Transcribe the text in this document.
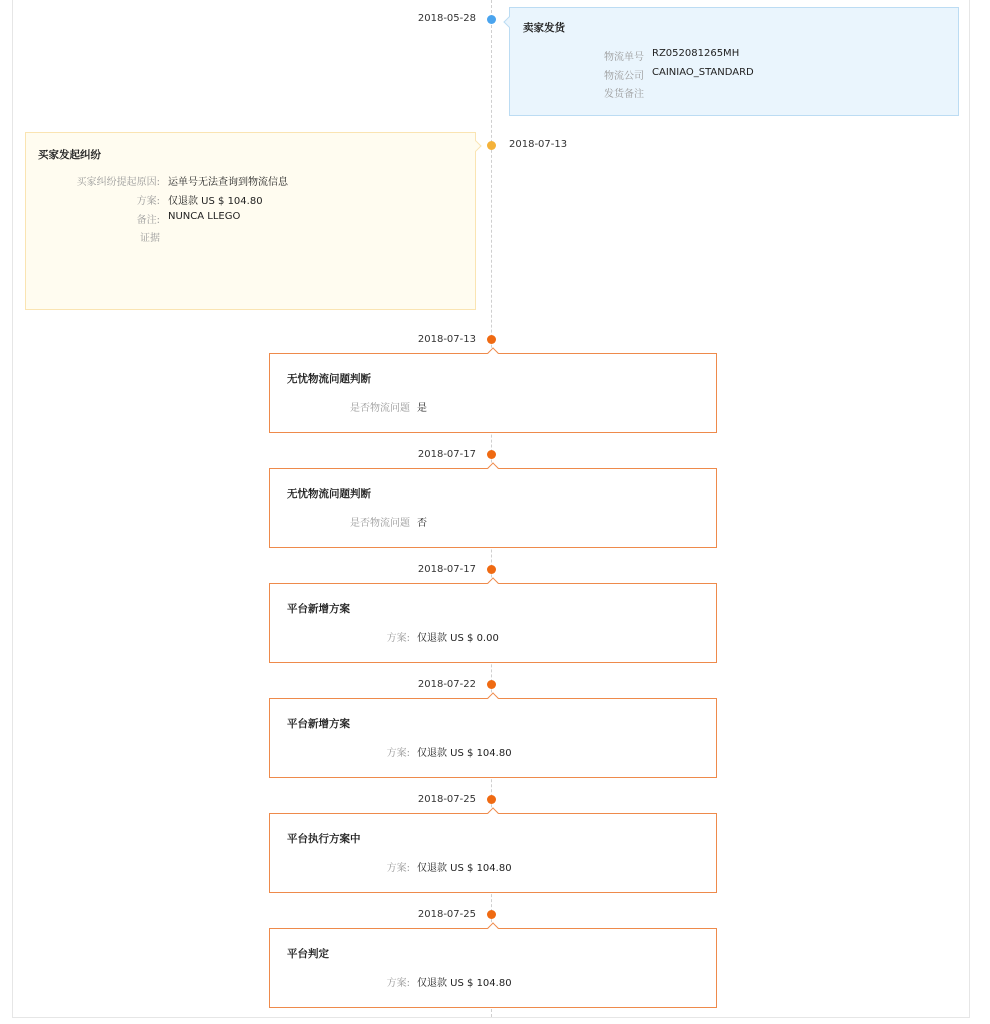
2018-05-28
卖家发货
物流单号 RZ052081265MH
物流公司 CAINIAO_STANDARD
发货备注
2018-07-13
买家发起纠纷
买家纠纷提起原因: 运单号无法查询到物流信息
方案: 仅退款 US $ 104.80
备注: NUNCA LLEGO
证据
2018-07-13
无忧物流问题判断
是否物流问题 是
2018-07-17
无忧物流问题判断
是否物流问题 否
2018-07-17
平台新增方案
方案: 仅退款 US $ 0.00
2018-07-22
平台新增方案
方案: 仅退款 US $ 104.80
2018-07-25
平台执行方案中
方案: 仅退款 US $ 104.80
2018-07-25
平台判定
方案: 仅退款 US $ 104.80
